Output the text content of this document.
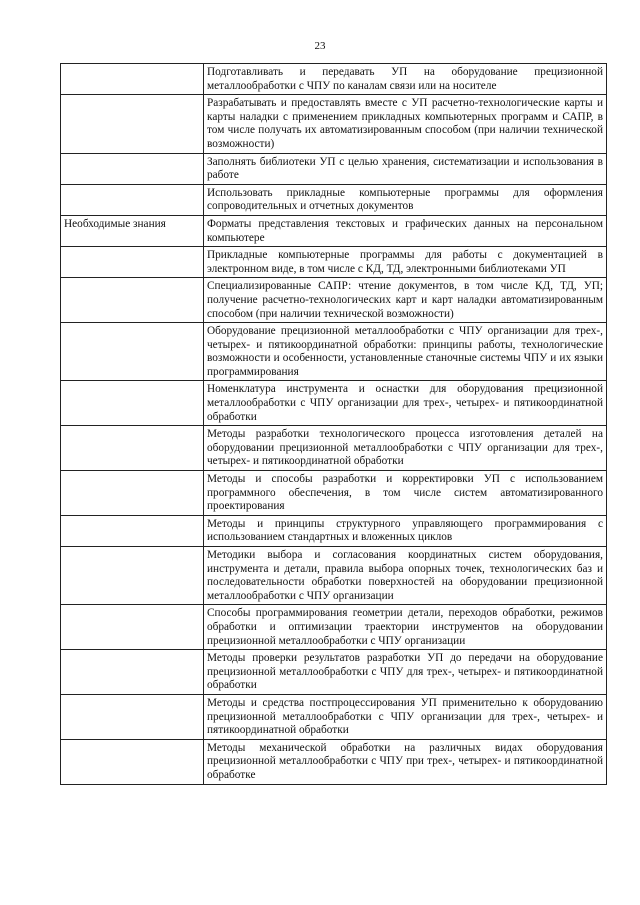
23
	Подготавливать и передавать УП на оборудование прецизионной металлообработки с ЧПУ по каналам связи или на носителе
	Разрабатывать и предоставлять вместе с УП расчетно-технологические карты и карты наладки с применением прикладных компьютерных программ и САПР, в том числе получать их автоматизированным способом (при наличии технической возможности)
	Заполнять библиотеки УП с целью хранения, систематизации и использования в работе
	Использовать прикладные компьютерные программы для оформления сопроводительных и отчетных документов
Необходимые знания	Форматы представления текстовых и графических данных на персональном компьютере
	Прикладные компьютерные программы для работы с документацией в электронном виде, в том числе с КД, ТД, электронными библиотеками УП
	Специализированные САПР: чтение документов, в том числе КД, ТД, УП; получение расчетно-технологических карт и карт наладки автоматизированным способом (при наличии технической возможности)
	Оборудование прецизионной металлообработки с ЧПУ организации для трех-, четырех- и пятикоординатной обработки: принципы работы, технологические возможности и особенности, установленные станочные системы ЧПУ и их языки программирования
	Номенклатура инструмента и оснастки для оборудования прецизионной металлообработки с ЧПУ организации для трех-, четырех- и пятикоординатной обработки
	Методы разработки технологического процесса изготовления деталей на оборудовании прецизионной металлообработки с ЧПУ организации для трех-, четырех- и пятикоординатной обработки
	Методы и способы разработки и корректировки УП с использованием программного обеспечения, в том числе систем автоматизированного проектирования
	Методы и принципы структурного управляющего программирования с использованием стандартных и вложенных циклов
	Методики выбора и согласования координатных систем оборудования, инструмента и детали, правила выбора опорных точек, технологических баз и последовательности обработки поверхностей на оборудовании прецизионной металлообработки с ЧПУ организации
	Способы программирования геометрии детали, переходов обработки, режимов обработки и оптимизации траектории инструментов на оборудовании прецизионной металлообработки с ЧПУ организации
	Методы проверки результатов разработки УП до передачи на оборудование прецизионной металлообработки с ЧПУ для трех-, четырех- и пятикоординатной обработки
	Методы и средства постпроцессирования УП применительно к оборудованию прецизионной металлообработки с ЧПУ организации для трех-, четырех- и пятикоординатной обработки
	Методы механической обработки на различных видах оборудования прецизионной металлообработки с ЧПУ при трех-, четырех- и пятикоординатной обработке
